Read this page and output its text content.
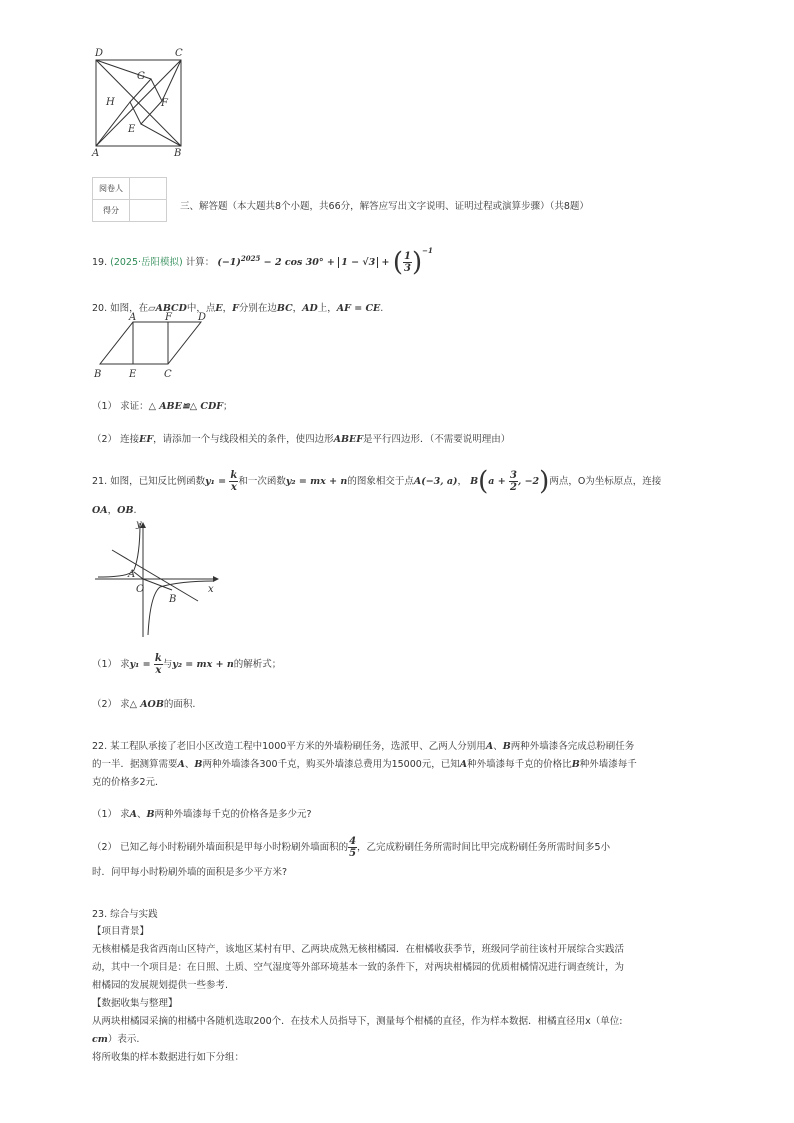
D	C
G
H	F
E
A	B
阅卷人	
得分		三、解答题（本大题共8个小题，共66分，解答应写出文字说明、证明过程或演算步骤）（共8题）
19. (2025·岳阳模拟) 计算： $(-1)^{2025} - 2$ cos 30° + 1 − √3 + ( $\frac{1}{3} )^{-1}$
20. 如图，在▱ABCD中，点E，F分别在边BC，AD上，AF = CE.
A	F	D
B	E	C
（1） 求证：△ ABE≌△ CDF；
（2） 连接EF，请添加一个与线段相关的条件，使四边形ABEF是平行四边形．（不需要说明理由）
21. 如图，已知反比例函数$y_1 = \frac{k}{x}$ 和一次函数y₂ = mx + n的图象相交于点A(−3, a)， $B(a + \frac{3}{2}$ , −2)两点，O为坐标原点，连接
OA，OB.
y
A
O
B
x
（1） 求$y_1 = \frac{k}{x}$ 与y₂ = mx + n的解析式；
（2） 求△ AOB的面积.
22. 某工程队承接了老旧小区改造工程中1000平方米的外墙粉刷任务，选派甲、乙两人分别用A、B两种外墙漆各完成总粉刷任务
的一半．据测算需要A、B两种外墙漆各300千克，购买外墙漆总费用为15000元，已知A种外墙漆每千克的价格比B种外墙漆每千
克的价格多2元．
（1） 求A、B两种外墙漆每千克的价格各是多少元?
（2） 已知乙每小时粉刷外墙面积是甲每小时粉刷外墙面积的 $\frac{4}{5}$ ，乙完成粉刷任务所需时间比甲完成粉刷任务所需时间多5小
时．问甲每小时粉刷外墙的面积是多少平方米?
23. 综合与实践
【项目背景】
无核柑橘是我省西南山区特产，该地区某村有甲、乙两块成熟无核柑橘园．在柑橘收获季节，班级同学前往该村开展综合实践活
动，其中一个项目是：在日照、土质、空气湿度等外部环境基本一致的条件下，对两块柑橘园的优质柑橘情况进行调查统计，为
柑橘园的发展规划提供一些参考.
【数据收集与整理】
从两块柑橘园采摘的柑橘中各随机选取200个．在技术人员指导下，测量每个柑橘的直径，作为样本数据．柑橘直径用x（单位:
cm）表示.
将所收集的样本数据进行如下分组：
